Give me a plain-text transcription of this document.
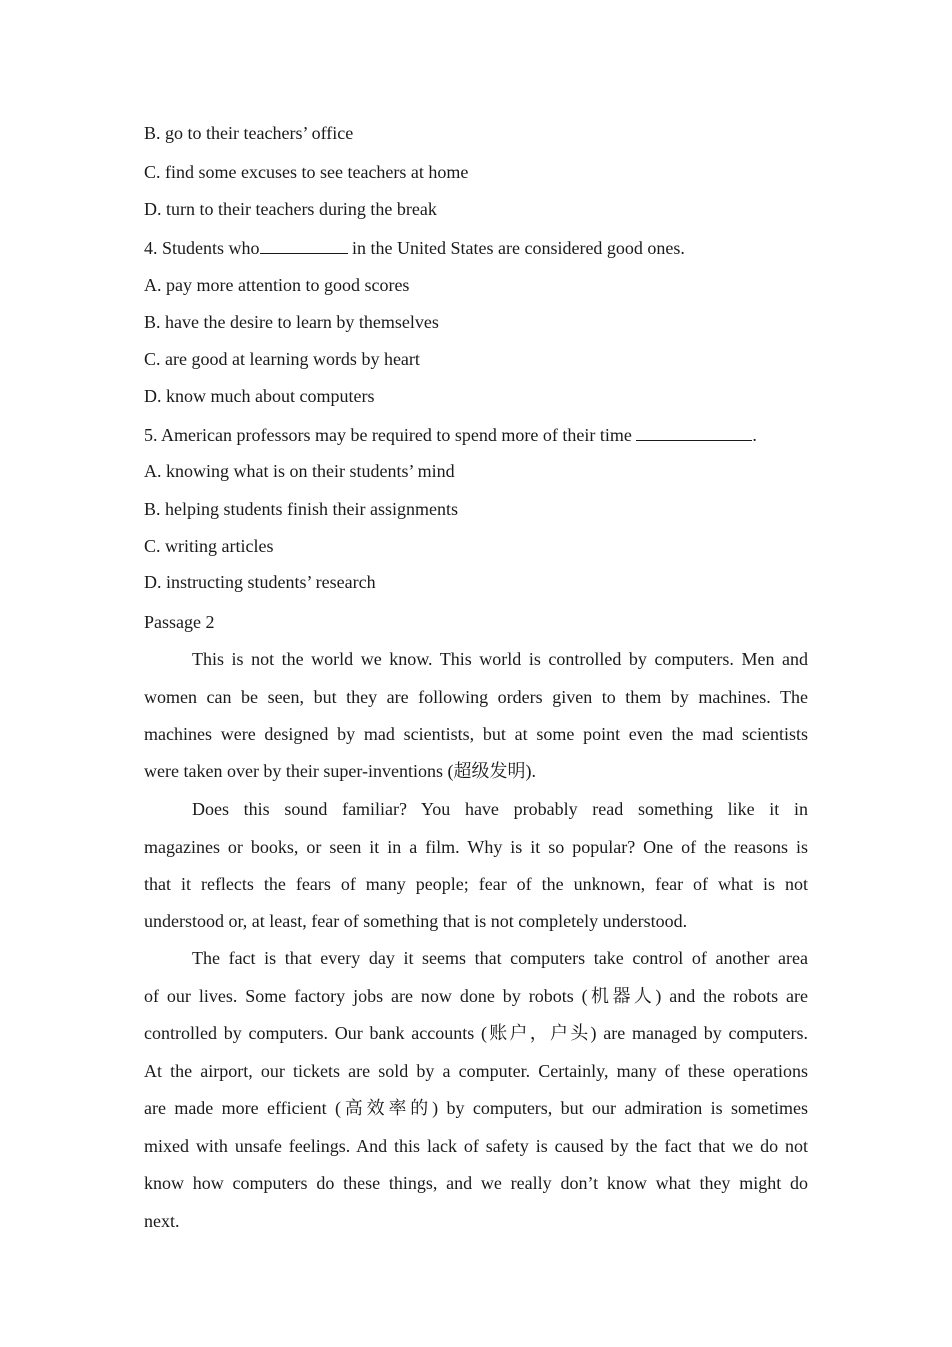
B. go to their teachers’ office
C. find some excuses to see teachers at home
D. turn to their teachers during the break
4. Students who	in the United States are considered good ones.
A. pay more attention to good scores
B. have the desire to learn by themselves
C. are good at learning words by heart
D. know much about computers
5. American professors may be required to spend more of their time	.
A. knowing what is on their students’ mind
B. helping students finish their assignments
C. writing articles
D. instructing students’ research
Passage 2
This is not the world we know. This world is controlled by computers. Men and
women can be seen, but they are following orders given to them by machines. The
machines were designed by mad scientists, but at some point even the mad scientists
were taken over by their super-inventions (超级发明).
Does this sound familiar? You have probably read something like it in
magazines or books, or seen it in a film. Why is it so popular? One of the reasons is
that it reflects the fears of many people; fear of the unknown, fear of what is not
understood or, at least, fear of something that is not completely understood.
The fact is that every day it seems that computers take control of another area
of our lives. Some factory jobs are now done by robots (机器人) and the robots are
controlled by computers. Our bank accounts (账户，户头) are managed by computers.
At the airport, our tickets are sold by a computer. Certainly, many of these operations
are made more efficient (高效率的) by computers, but our admiration is sometimes
mixed with unsafe feelings. And this lack of safety is caused by the fact that we do not
know how computers do these things, and we really don’t know what they might do
next.
